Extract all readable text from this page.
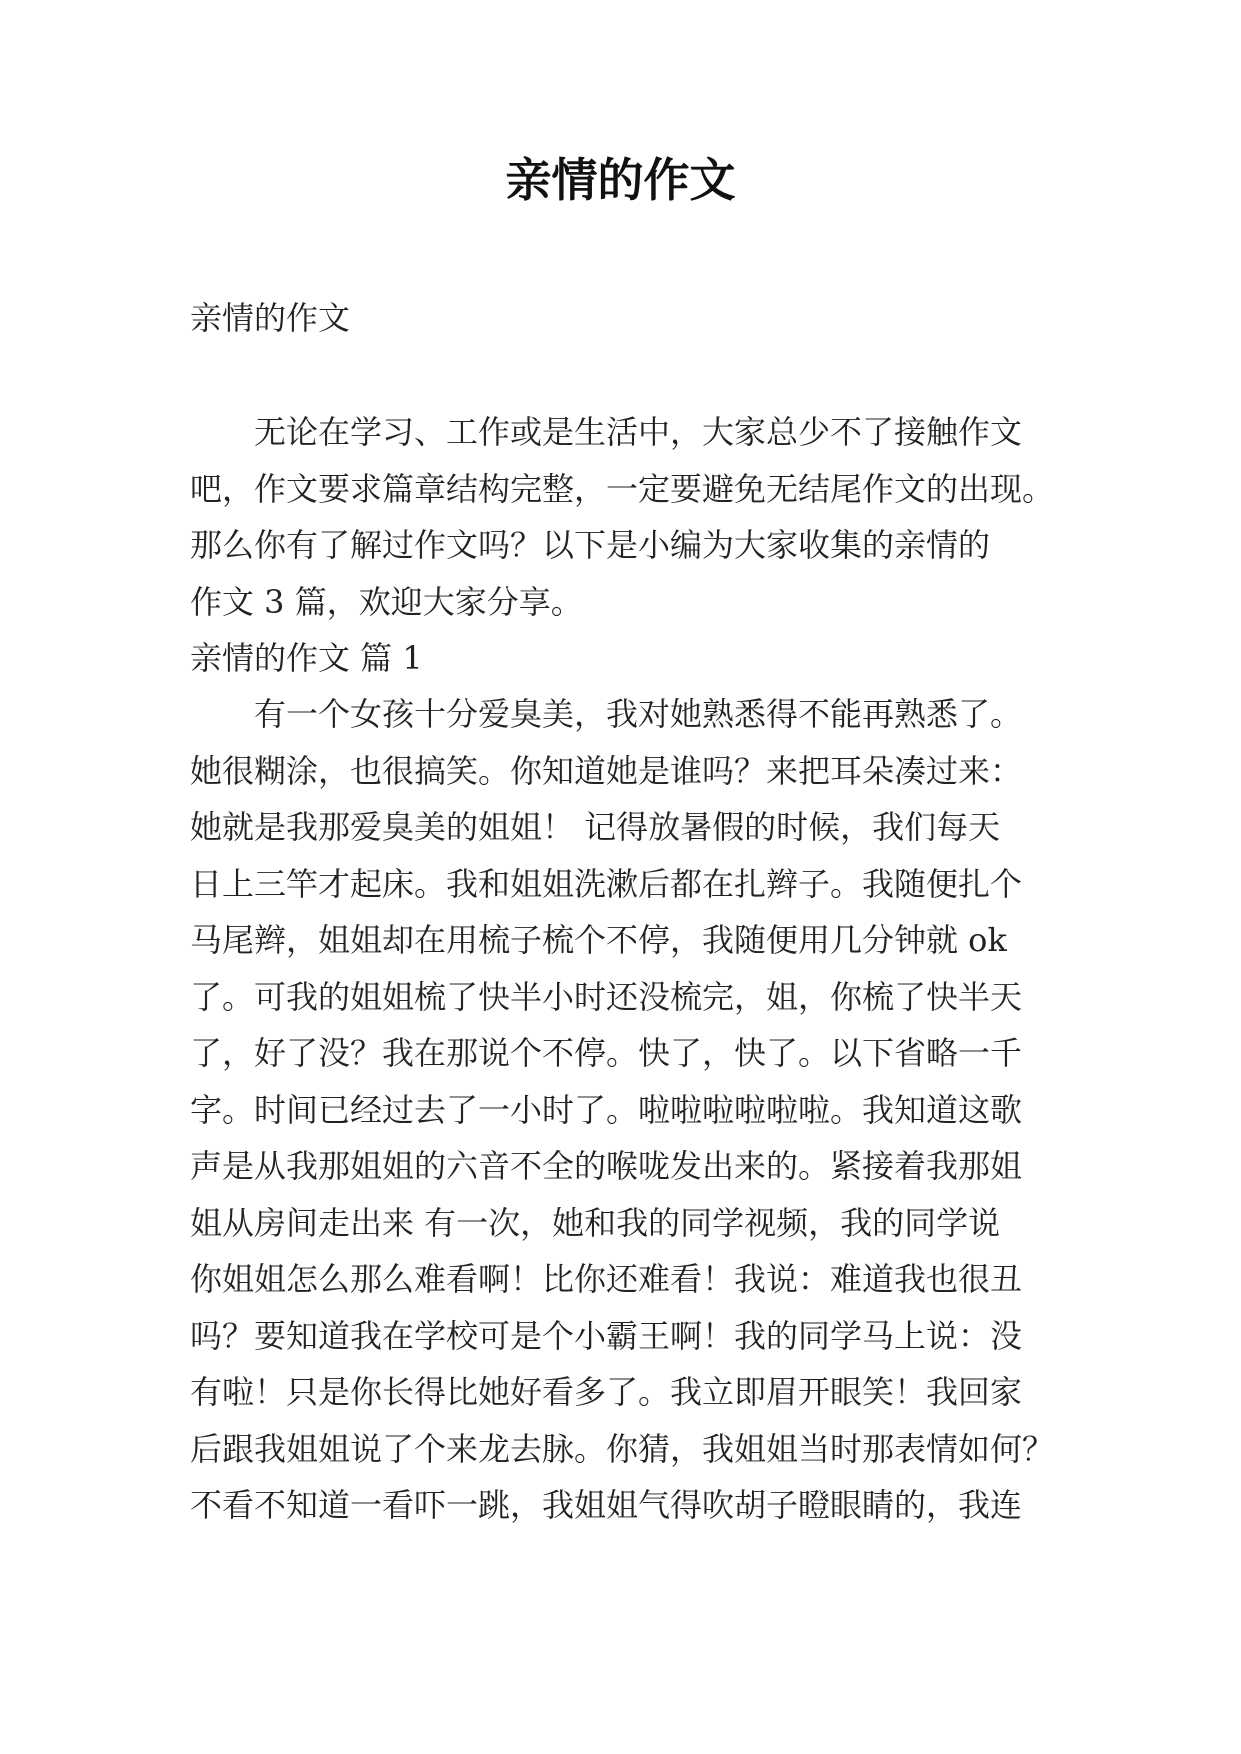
亲情的作文
亲情的作文
无论在学习、工作或是生活中，大家总少不了接触作文
吧，作文要求篇章结构完整，一定要避免无结尾作文的出现。
那么你有了解过作文吗？以下是小编为大家收集的亲情的
作文 3 篇，欢迎大家分享。
亲情的作文 篇 1
有一个女孩十分爱臭美，我对她熟悉得不能再熟悉了。
她很糊涂，也很搞笑。你知道她是谁吗？来把耳朵凑过来：
她就是我那爱臭美的姐姐！ 记得放暑假的时候，我们每天
日上三竿才起床。我和姐姐洗漱后都在扎辫子。我随便扎个
马尾辫，姐姐却在用梳子梳个不停，我随便用几分钟就 ok
了。可我的姐姐梳了快半小时还没梳完，姐，你梳了快半天
了，好了没？我在那说个不停。快了，快了。以下省略一千
字。时间已经过去了一小时了。啦啦啦啦啦啦。我知道这歌
声是从我那姐姐的六音不全的喉咙发出来的。紧接着我那姐
姐从房间走出来 有一次，她和我的同学视频，我的同学说
你姐姐怎么那么难看啊！比你还难看！我说：难道我也很丑
吗？要知道我在学校可是个小霸王啊！我的同学马上说：没
有啦！只是你长得比她好看多了。我立即眉开眼笑！我回家
后跟我姐姐说了个来龙去脉。你猜，我姐姐当时那表情如何？
不看不知道一看吓一跳，我姐姐气得吹胡子瞪眼睛的，我连
